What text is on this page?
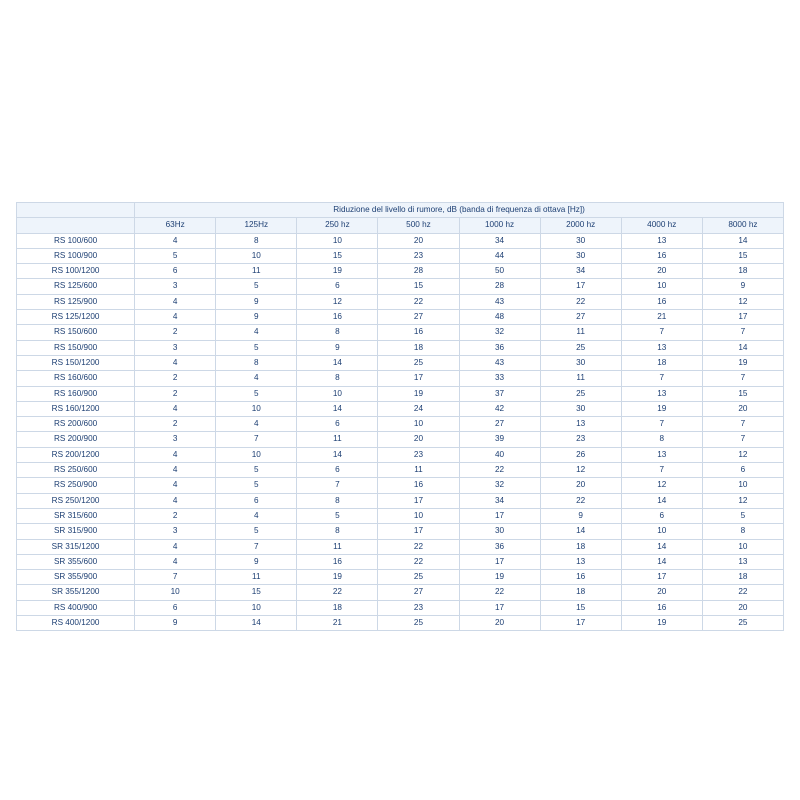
	Riduzione del livello di rumore, dB (banda di frequenza di ottava [Hz])							
	63Hz	125Hz	250 hz	500 hz	1000 hz	2000 hz	4000 hz	8000 hz
RS 100/600	4	8	10	20	34	30	13	14
RS 100/900	5	10	15	23	44	30	16	15
RS 100/1200	6	11	19	28	50	34	20	18
RS 125/600	3	5	6	15	28	17	10	9
RS 125/900	4	9	12	22	43	22	16	12
RS 125/1200	4	9	16	27	48	27	21	17
RS 150/600	2	4	8	16	32	11	7	7
RS 150/900	3	5	9	18	36	25	13	14
RS 150/1200	4	8	14	25	43	30	18	19
RS 160/600	2	4	8	17	33	11	7	7
RS 160/900	2	5	10	19	37	25	13	15
RS 160/1200	4	10	14	24	42	30	19	20
RS 200/600	2	4	6	10	27	13	7	7
RS 200/900	3	7	11	20	39	23	8	7
RS 200/1200	4	10	14	23	40	26	13	12
RS 250/600	4	5	6	11	22	12	7	6
RS 250/900	4	5	7	16	32	20	12	10
RS 250/1200	4	6	8	17	34	22	14	12
SR 315/600	2	4	5	10	17	9	6	5
SR 315/900	3	5	8	17	30	14	10	8
SR 315/1200	4	7	11	22	36	18	14	10
SR 355/600	4	9	16	22	17	13	14	13
SR 355/900	7	11	19	25	19	16	17	18
SR 355/1200	10	15	22	27	22	18	20	22
RS 400/900	6	10	18	23	17	15	16	20
RS 400/1200	9	14	21	25	20	17	19	25
